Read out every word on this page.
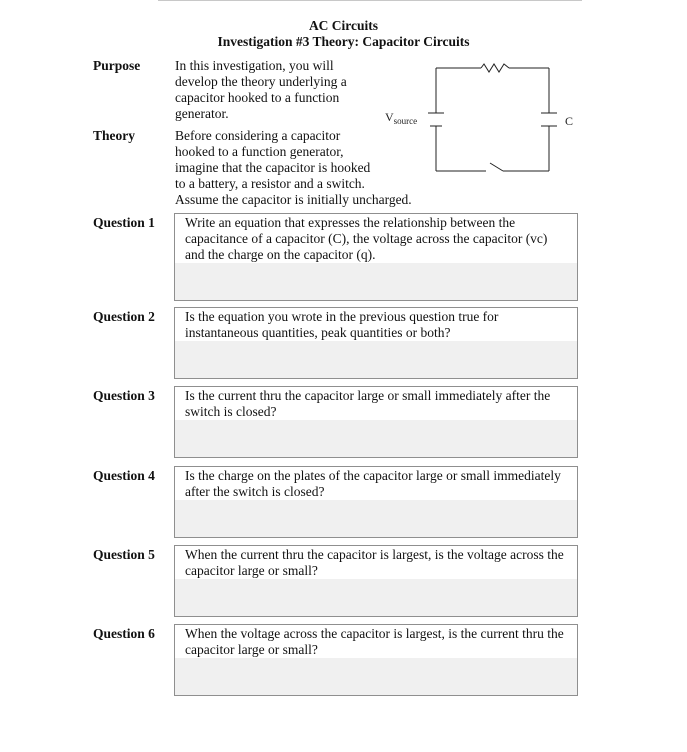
AC Circuits
Investigation #3 Theory: Capacitor Circuits
Purpose	In this investigation, you will
develop the theory underlying a
capacitor hooked to a function
generator.
Theory	Before considering a capacitor
hooked to a function generator,
imagine that the capacitor is hooked
to a battery, a resistor and a switch.
Assume the capacitor is initially uncharged.
$V_{source}$	C
Question 1 Write an equation that expresses the relationship between the
capacitance of a capacitor (C), the voltage across the capacitor (vc)
and the charge on the capacitor (q).
Question 2 Is the equation you wrote in the previous question true for
instantaneous quantities, peak quantities or both?
Question 3 Is the current thru the capacitor large or small immediately after the
switch is closed?
Question 4 Is the charge on the plates of the capacitor large or small immediately
after the switch is closed?
Question 5 When the current thru the capacitor is largest, is the voltage across the
capacitor large or small?
Question 6 When the voltage across the capacitor is largest, is the current thru the
capacitor large or small?
